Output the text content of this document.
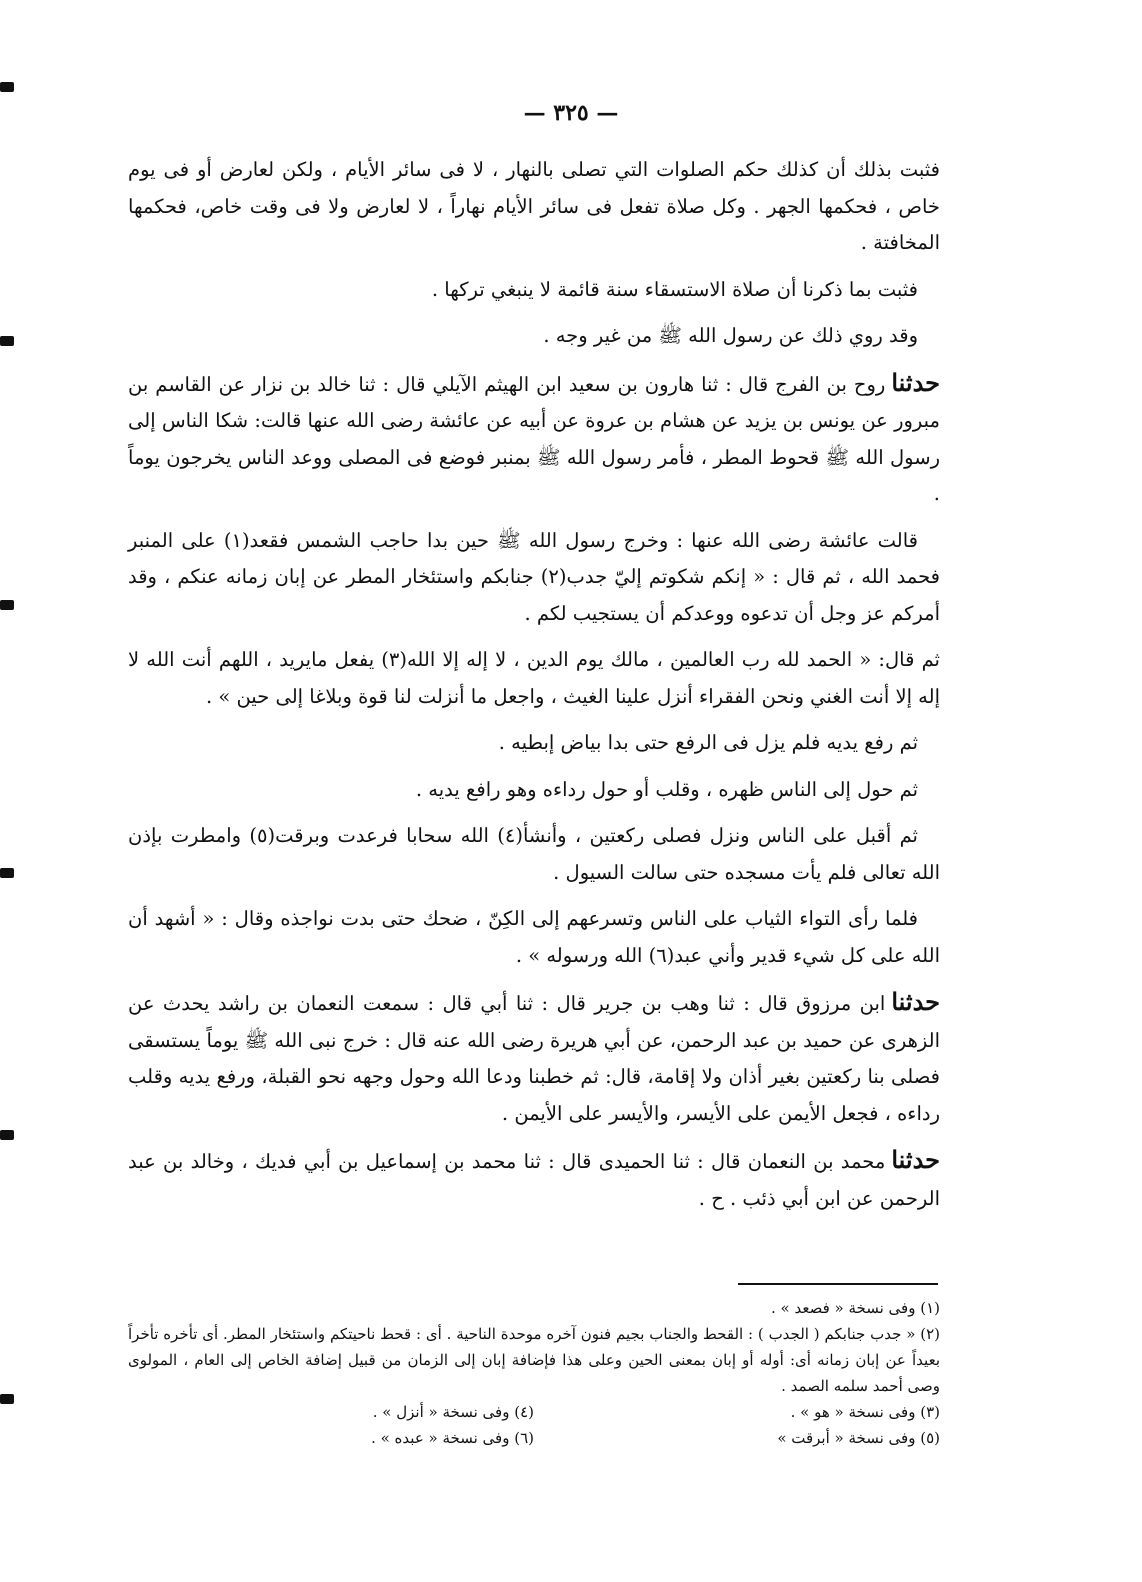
— ٣٢٥ —

فثبت بذلك أن كذلك حكم الصلوات التي تصلى بالنهار ، لا فى سائر الأيام ، ولكن لعارض أو فى يوم خاص ، فحكمها الجهر . وكل صلاة تفعل فى سائر الأيام نهاراً ، لا لعارض ولا فى وقت خاص، فحكمها المخافتة .

فثبت بما ذكرنا أن صلاة الاستسقاء سنة قائمة لا ينبغي تركها .

وقد روي ذلك عن رسول الله ﷺ من غير وجه .

حدثناروح بن الفرج قال : ثنا هارون بن سعيد ابن الهيثم الآيلي قال : ثنا خالد بن نزار عن القاسم بن مبرور عن يونس بن يزيد عن هشام بن عروة عن أبيه عن عائشة رضى الله عنها قالت: شكا الناس إلى رسول الله ﷺ قحوط المطر ، فأمر رسول الله ﷺ بمنبر فوضع فى المصلى ووعد الناس يخرجون يوماً .

قالت عائشة رضى الله عنها : وخرج رسول الله ﷺ حين بدا حاجب الشمس فقعد(١) على المنبر فحمد الله ، ثم قال : « إنكم شكوتم إليّ جدب(٢) جنابكم واستئخار المطر عن إبان زمانه عنكم ، وقد أمركم عز وجل أن تدعوه ووعدكم أن يستجيب لكم .

ثم قال: « الحمد لله رب العالمين ، مالك يوم الدين ، لا إله إلا الله(٣) يفعل مايريد ، اللهم أنت الله لا إله إلا أنت الغني ونحن الفقراء أنزل علينا الغيث ، واجعل ما أنزلت لنا قوة وبلاغا إلى حين » .

ثم رفع يديه فلم يزل فى الرفع حتى بدا بياض إبطيه .

ثم حول إلى الناس ظهره ، وقلب أو حول رداءه وهو رافع يديه .

ثم أقبل على الناس ونزل فصلى ركعتين ، وأنشأ(٤) الله سحابا فرعدت وبرقت(٥) وامطرت بإذن الله تعالى فلم يأت مسجده حتى سالت السيول .

فلما رأى التواء الثياب على الناس وتسرعهم إلى الكِنّ ، ضحك حتى بدت نواجذه وقال : « أشهد أن الله على كل شيء قدير وأني عبد(٦) الله ورسوله » .

حدثناابن مرزوق قال : ثنا وهب بن جرير قال : ثنا أبي قال : سمعت النعمان بن راشد يحدث عن الزهرى عن حميد بن عبد الرحمن، عن أبي هريرة رضى الله عنه قال : خرج نبى الله ﷺ يوماً يستسقى فصلى بنا ركعتين بغير أذان ولا إقامة، قال: ثم خطبنا ودعا الله وحول وجهه نحو القبلة، ورفع يديه وقلب رداءه ، فجعل الأيمن على الأيسر، والأيسر على الأيمن .

حدثنامحمد بن النعمان قال : ثنا الحميدى قال : ثنا محمد بن إسماعيل بن أبي فديك ، وخالد بن عبد الرحمن عن ابن أبي ذئب . ح .

(١) وفى نسخة « فصعد » .
(٢) « جدب جنابكم ( الجدب ) : القحط والجناب بجيم فنون آخره موحدة الناحية . أى : قحط ناحيتكم واستئخار المطر. أى تأخره تأخراً بعيداً عن إبان زمانه أى: أوله أو إبان بمعنى الحين وعلى هذا فإضافة إبان إلى الزمان من قبيل إضافة الخاص إلى العام ، المولوى وصى أحمد سلمه الصمد .
(٣) وفى نسخة « هو » .
(٤) وفى نسخة « أنزل » .
(٥) وفى نسخة « أبرقت »
(٦) وفى نسخة « عبده » .
